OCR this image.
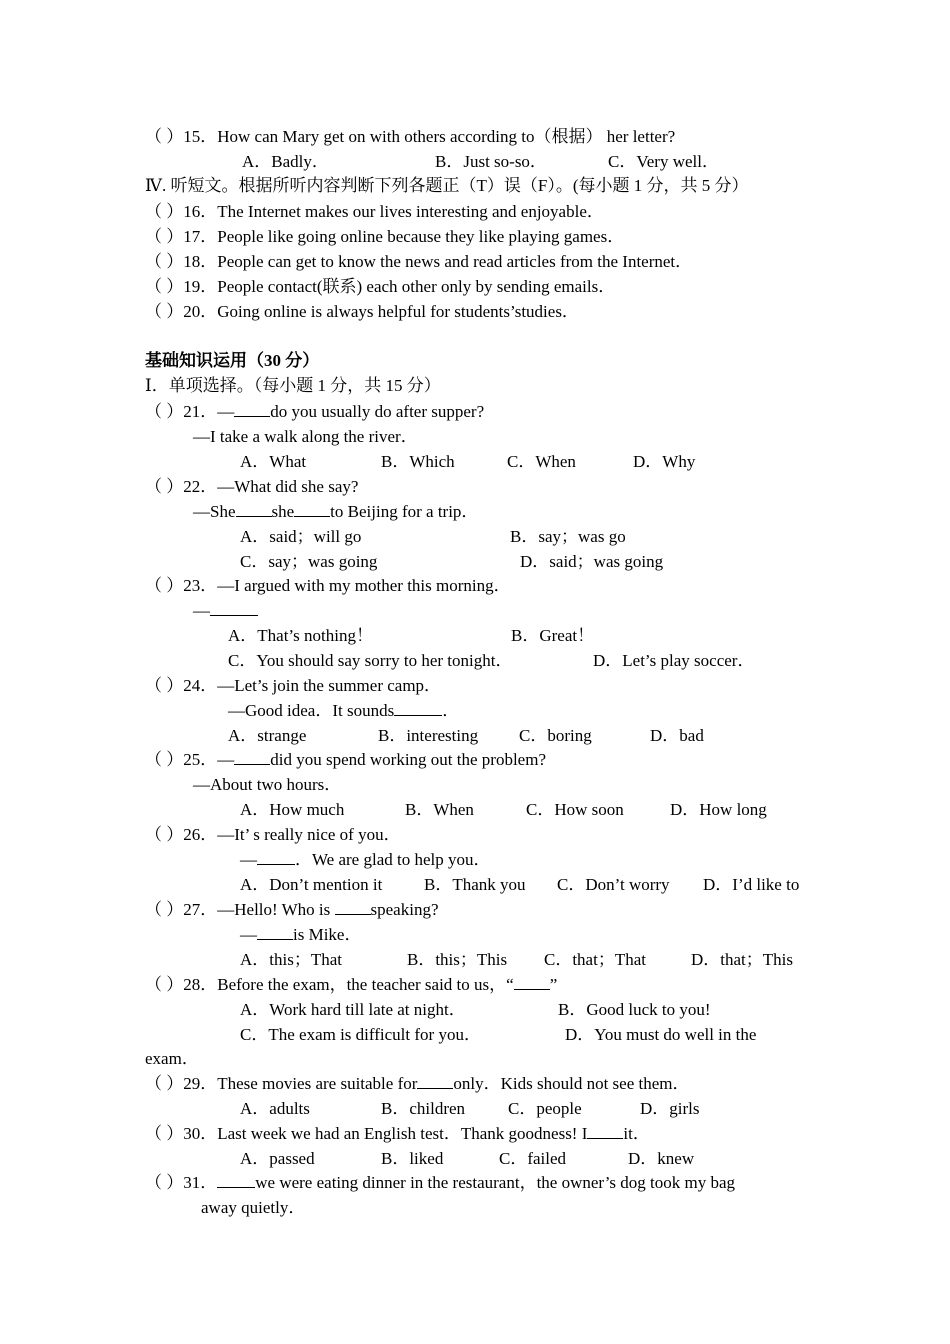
（ ）15．How can Mary get on with others according to（根据） her letter?
A．Badly．	B．Just so-so．	C．Very well．
Ⅳ. 听短文。根据所听内容判断下列各题正（T）误（F）。(每小题 1 分，共 5 分）
（ ）16．The Internet makes our lives interesting and enjoyable．
（ ）17．People like going online because they like playing games．
（ ）18．People can get to know the news and read articles from the Internet．
（ ）19．People contact(联系) each other only by sending emails．
（ ）20．Going online is always helpful for students’studies．
基础知识运用（30 分）
Ⅰ．单项选择。（每小题 1 分，共 15 分）
（ ）21．— do you usually do after supper?
—I take a walk along the river．
A．What	B．Which	C．When	D．Why
（ ）22．—What did she say?
—She she to Beijing for a trip．
A．said；will go	B．say；was go
C．say；was going	D．said；was going
（ ）23．—I argued with my mother this morning．
—
A．That’s nothing！	B．Great！
C．You should say sorry to her tonight．	D．Let’s play soccer．
（ ）24．—Let’s join the summer camp．
—Good idea．It sounds	．
A．strange	B．interesting C．boring	D．bad
（ ）25．— did you spend working out the problem?
—About two hours．
A．How much	B．When	C．How soon	D．How long
（ ）26．—It’ s really nice of you．
— ．We are glad to help you．
A．Don’t mention it B．Thank you C．Don’t worry D．I’d like to
（ ）27．—Hello! Who is speaking?
— is Mike．
A．this；That	B．this；This C．that；That	D．that；This
（ ）28．Before the exam，the teacher said to us，“ ”
A．Work hard till late at night．	B．Good luck to you!
C．The exam is difficult for you．	D．You must do well in the
exam．
（ ）29．These movies are suitable for only．Kids should not see them．
A．adults	B．children	C．people	D．girls
（ ）30．Last week we had an English test．Thank goodness! I it．
A．passed	B．liked	C．failed	D．knew
（ ）31． we were eating dinner in the restaurant，the owner’s dog took my bag
away quietly．
